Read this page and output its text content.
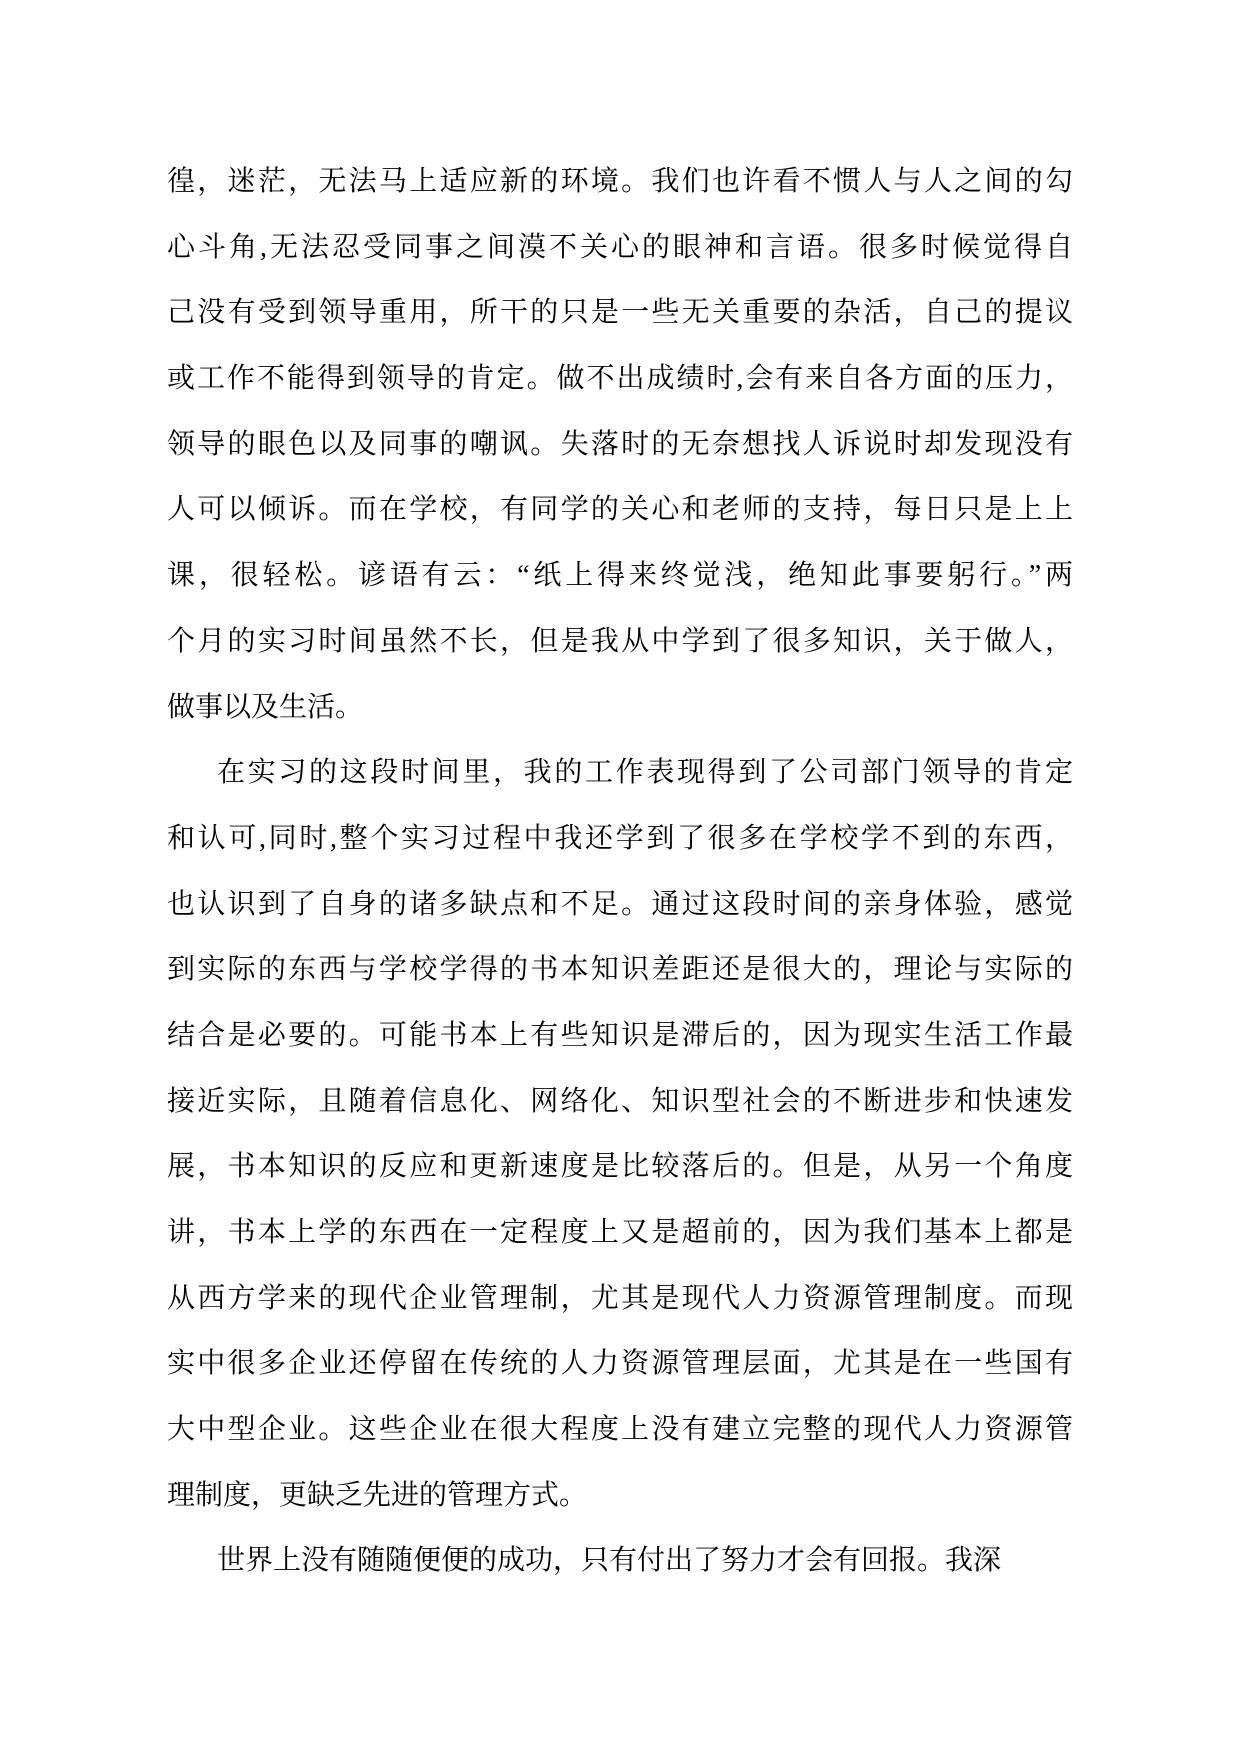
徨，迷茫，无法马上适应新的环境。我们也许看不惯人与人之间的勾
心斗角,无法忍受同事之间漠不关心的眼神和言语。很多时候觉得自
己没有受到领导重用，所干的只是一些无关重要的杂活，自己的提议
或工作不能得到领导的肯定。做不出成绩时,会有来自各方面的压力，
领导的眼色以及同事的嘲讽。失落时的无奈想找人诉说时却发现没有
人可以倾诉。而在学校，有同学的关心和老师的支持，每日只是上上
课，很轻松。谚语有云：“纸上得来终觉浅，绝知此事要躬行。”两
个月的实习时间虽然不长，但是我从中学到了很多知识，关于做人，
做事以及生活。
在实习的这段时间里，我的工作表现得到了公司部门领导的肯定
和认可,同时,整个实习过程中我还学到了很多在学校学不到的东西，
也认识到了自身的诸多缺点和不足。通过这段时间的亲身体验，感觉
到实际的东西与学校学得的书本知识差距还是很大的，理论与实际的
结合是必要的。可能书本上有些知识是滞后的，因为现实生活工作最
接近实际，且随着信息化、网络化、知识型社会的不断进步和快速发
展，书本知识的反应和更新速度是比较落后的。但是，从另一个角度
讲，书本上学的东西在一定程度上又是超前的，因为我们基本上都是
从西方学来的现代企业管理制，尤其是现代人力资源管理制度。而现
实中很多企业还停留在传统的人力资源管理层面，尤其是在一些国有
大中型企业。这些企业在很大程度上没有建立完整的现代人力资源管
理制度，更缺乏先进的管理方式。
世界上没有随随便便的成功，只有付出了努力才会有回报。我深
